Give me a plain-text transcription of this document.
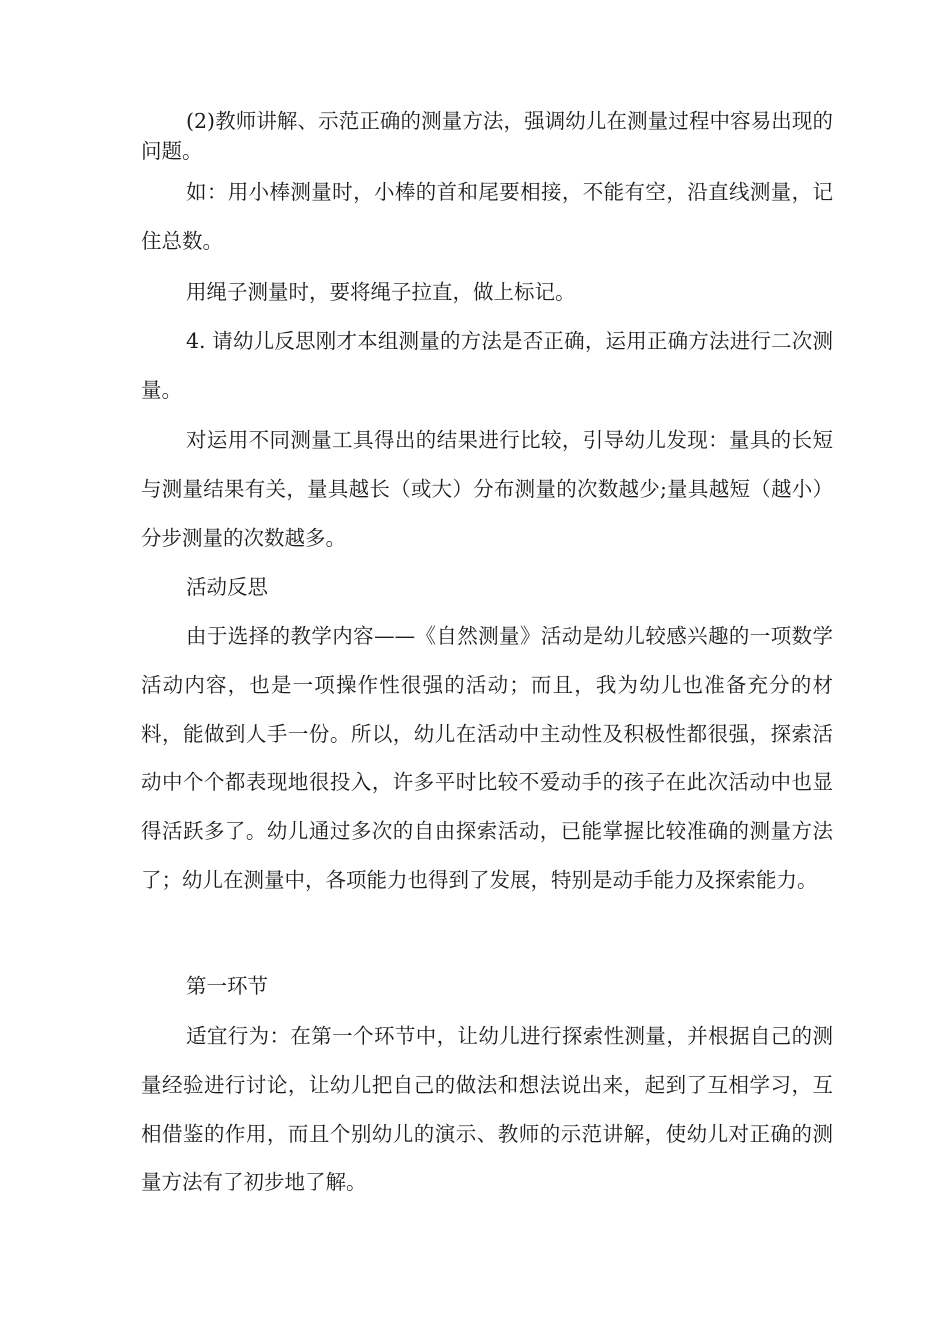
(2)教师讲解、示范正确的测量方法，强调幼儿在测量过程中容易出现的问题。

如：用小棒测量时，小棒的首和尾要相接，不能有空，沿直线测量，记住总数。

用绳子测量时，要将绳子拉直，做上标记。

4. 请幼儿反思刚才本组测量的方法是否正确，运用正确方法进行二次测量。

对运用不同测量工具得出的结果进行比较，引导幼儿发现：量具的长短与测量结果有关，量具越长（或大）分布测量的次数越少;量具越短（越小）分步测量的次数越多。

活动反思

由于选择的教学内容——《自然测量》活动是幼儿较感兴趣的一项数学活动内容，也是一项操作性很强的活动；而且，我为幼儿也准备充分的材料，能做到人手一份。所以，幼儿在活动中主动性及积极性都很强，探索活动中个个都表现地很投入，许多平时比较不爱动手的孩子在此次活动中也显得活跃多了。幼儿通过多次的自由探索活动，已能掌握比较准确的测量方法了；幼儿在测量中，各项能力也得到了发展，特别是动手能力及探索能力。

第一环节

适宜行为：在第一个环节中，让幼儿进行探索性测量，并根据自己的测量经验进行讨论，让幼儿把自己的做法和想法说出来，起到了互相学习，互相借鉴的作用，而且个别幼儿的演示、教师的示范讲解，使幼儿对正确的测量方法有了初步地了解。
